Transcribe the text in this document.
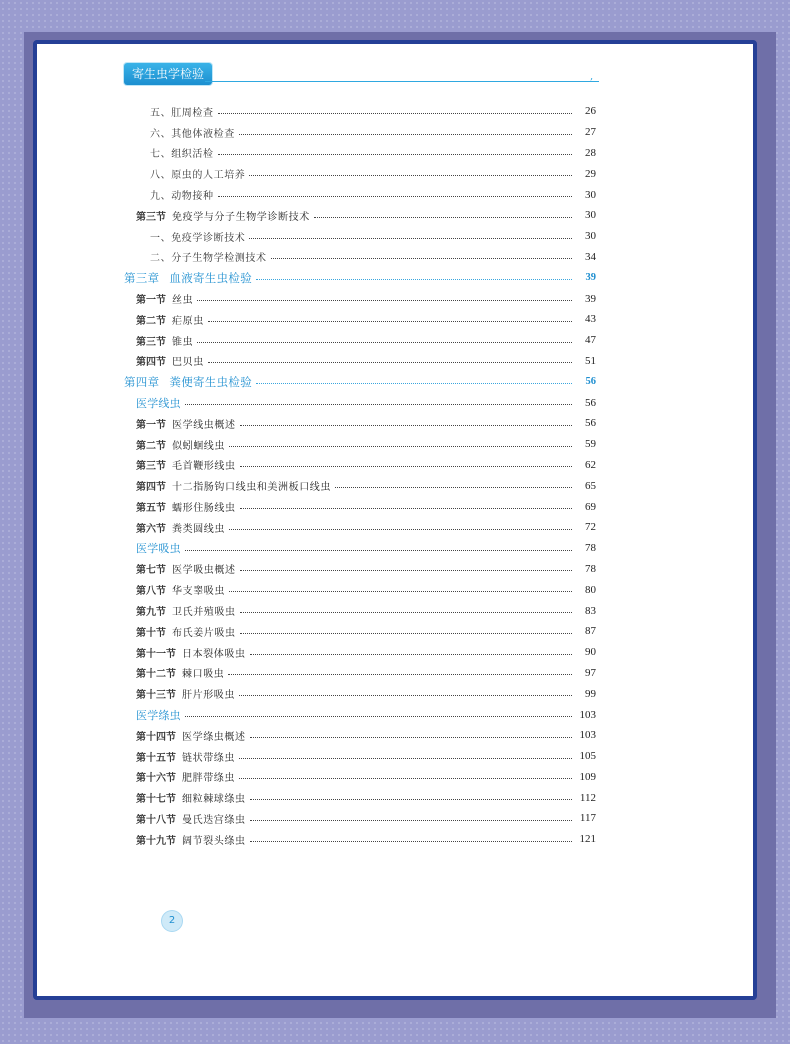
寄生虫学检验	,
五、肛周检查	26
六、其他体液检查	27
七、组织活检	28
八、原虫的人工培养	29
九、动物接种	30
第三节 免疫学与分子生物学诊断技术	30
一、免疫学诊断技术	30
二、分子生物学检测技术	34
第三章 血液寄生虫检验	39
第一节 丝虫	39
第二节 疟原虫	43
第三节 锥虫	47
第四节 巴贝虫	51
第四章 粪便寄生虫检验	56
医学线虫	56
第一节 医学线虫概述	56
第二节 似蚓蛔线虫	59
第三节 毛首鞭形线虫	62
第四节 十二指肠钩口线虫和美洲板口线虫	65
第五节 蠕形住肠线虫	69
第六节 粪类圆线虫	72
医学吸虫	78
第七节 医学吸虫概述	78
第八节 华支睾吸虫	80
第九节 卫氏并殖吸虫	83
第十节 布氏姜片吸虫	87
第十一节 日本裂体吸虫	90
第十二节 棘口吸虫	97
第十三节 肝片形吸虫	99
医学绦虫	103
第十四节 医学绦虫概述	103
第十五节 链状带绦虫	105
第十六节 肥胖带绦虫	109
第十七节 细粒棘球绦虫	112
第十八节 曼氏迭宫绦虫	117
第十九节 阔节裂头绦虫	121
2
